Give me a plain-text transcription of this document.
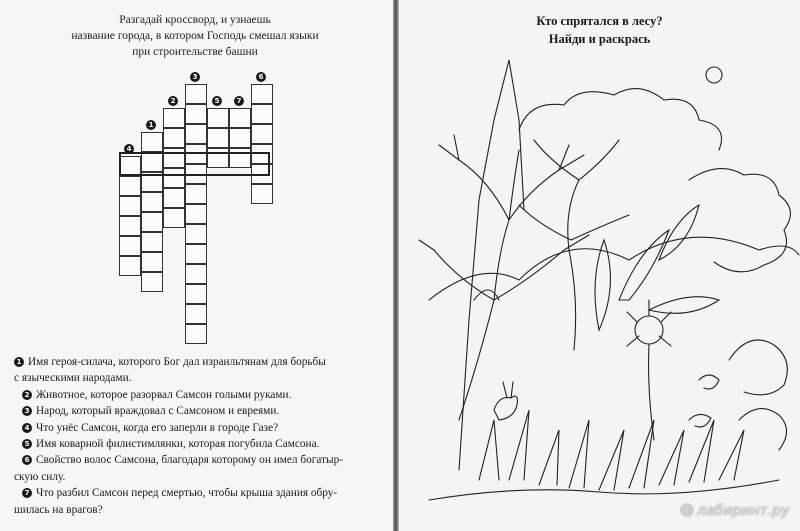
Разгадай кроссворд, и узнаешь
название города, в котором Господь смешал языки
при строительстве башни
1
2
3
4
5
6
7
1 Имя героя-силача, которого Бог дал израильтянам для борьбы
с языческими народами.
2 Животное, которое разорвал Самсон голыми руками.
3 Народ, который враждовал с Самсоном и евреями.
4 Что унёс Самсон, когда его заперли в городе Газе?
5 Имя коварной филистимлянки, которая погубила Самсона.
6 Свойство волос Самсона, благодаря которому он имел богатыр-
скую силу.
7 Что разбил Самсон перед смертью, чтобы крыша здания обру-
шилась на врагов?
Кто спрятался в лесу?
Найди и раскрась
лабиринт.ру
